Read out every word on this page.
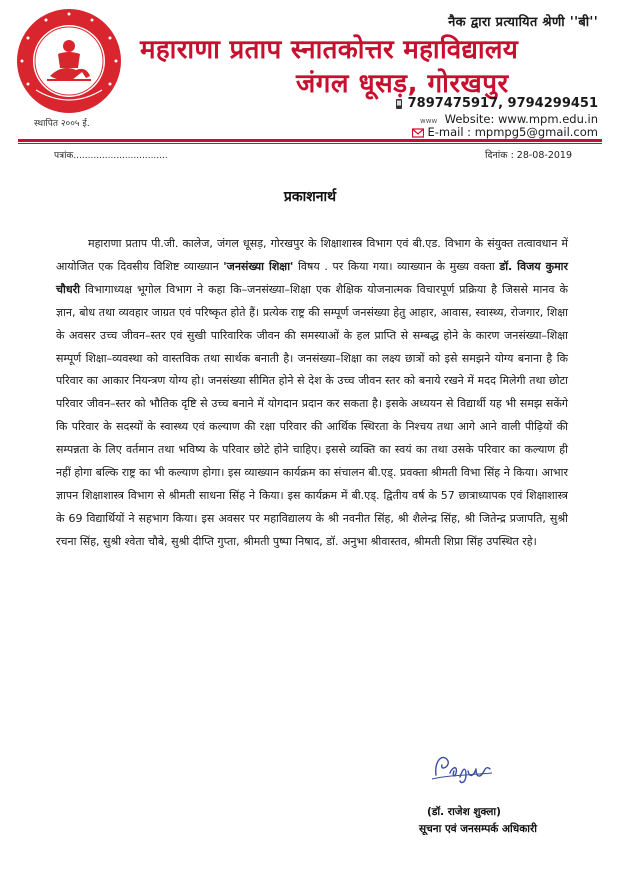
स्थापित २००५ ई.
नैक द्वारा प्रत्यायित श्रेणी ''बी''
महाराणा प्रताप स्नातकोत्तर महाविद्यालय
जंगल धूसड़, गोरखपुर
7897475917, 9794299451
www Website: www.mpm.edu.in
E-mail : mpmpg5@gmail.com
पत्रांक.................................	दिनांक : 28-08-2019
प्रकाशनार्थ
महाराणा प्रताप पी.जी. कालेज, जंगल धूसड़, गोरखपुर के शिक्षाशास्त्र विभाग एवं बी.एड. विभाग के संयुक्त तत्वावधान में आयोजित एक दिवसीय विशिष्ट व्याख्यान 'जनसंख्या शिक्षा' विषय . पर किया गया। व्याख्यान के मुख्य वक्ता डॉ. विजय कुमार चौधरी विभागाध्यक्ष भूगोल विभाग ने कहा कि–जनसंख्या–शिक्षा एक शैक्षिक योजनात्मक विचारपूर्ण प्रक्रिया है जिससे मानव के ज्ञान, बोध तथा व्यवहार जाग्रत एवं परिष्कृत होते हैं। प्रत्येक राष्ट्र की सम्पूर्ण जनसंख्या हेतु आहार, आवास, स्वास्थ्य, रोजगार, शिक्षा के अवसर उच्च जीवन–स्तर एवं सुखी पारिवारिक जीवन की समस्याओं के हल प्राप्ति से सम्बद्ध होने के कारण जनसंख्या–शिक्षा सम्पूर्ण शिक्षा–व्यवस्था को वास्तविक तथा सार्थक बनाती है। जनसंख्या–शिक्षा का लक्ष्य छात्रों को इसे समझने योग्य बनाना है कि परिवार का आकार नियन्त्रण योग्य हो। जनसंख्या सीमित होने से देश के उच्च जीवन स्तर को बनाये रखने में मदद मिलेगी तथा छोटा परिवार जीवन–स्तर को भौतिक दृष्टि से उच्च बनाने में योगदान प्रदान कर सकता है। इसके अध्ययन से विद्यार्थी यह भी समझ सकेंगे कि परिवार के सदस्यों के स्वास्थ्य एवं कल्याण की रक्षा परिवार की आर्थिक स्थिरता के निश्चय तथा आगे आने वाली पीढ़ियों की सम्पन्नता के लिए वर्तमान तथा भविष्य के परिवार छोटे होने चाहिए। इससे व्यक्ति का स्वयं का तथा उसके परिवार का कल्याण ही नहीं होगा बल्कि राष्ट्र का भी कल्याण होगा। इस व्याख्यान कार्यक्रम का संचालन बी.एड्. प्रवक्ता श्रीमती विभा सिंह ने किया। आभार ज्ञापन शिक्षाशास्त्र विभाग से श्रीमती साधना सिंह ने किया। इस कार्यक्रम में बी.एड्. द्वितीय वर्ष के 57 छात्राध्यापक एवं शिक्षाशास्त्र के 69 विद्यार्थियों ने सहभाग किया। इस अवसर पर महाविद्यालय के श्री नवनीत सिंह, श्री शैलेन्द्र सिंह, श्री जितेन्द्र प्रजापति, सुश्री रचना सिंह, सुश्री श्वेता चौबे, सुश्री दीप्ति गुप्ता, श्रीमती पुष्पा निषाद, डॉ. अनुभा श्रीवास्तव, श्रीमती शिप्रा सिंह उपस्थित रहे।
(डॉ. राजेश शुक्ला)
सूचना एवं जनसम्पर्क अधिकारी
